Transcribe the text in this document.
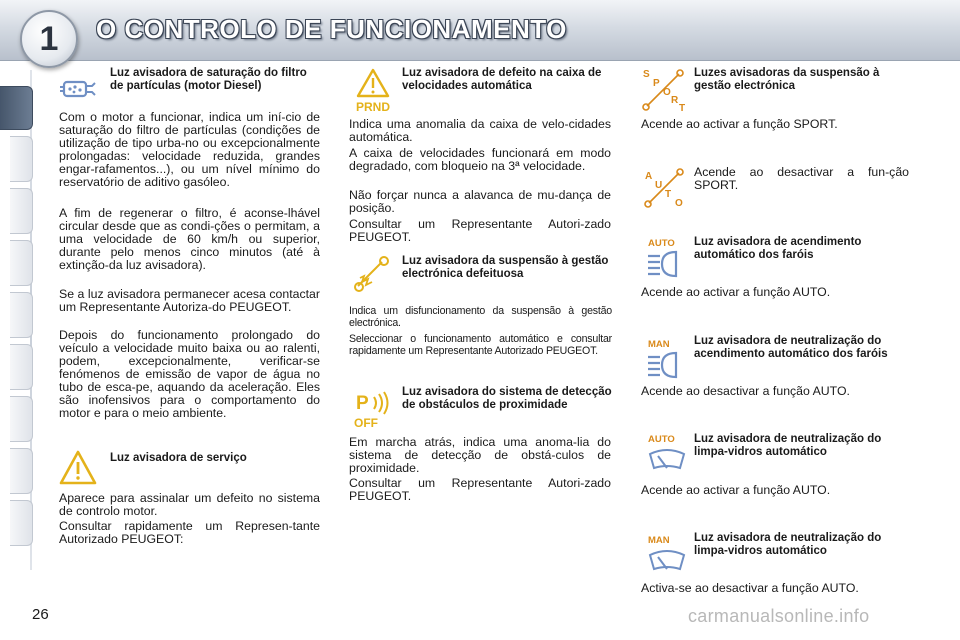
O CONTROLO DE FUNCIONAMENTO
1
Luz avisadora de saturação do filtro de partículas (motor Diesel)

Com o motor a funcionar, indica um iní-cio de saturação do filtro de partículas (condições de utilização de tipo urba-no ou excepcionalmente prolongadas: velocidade reduzida, grandes engar-rafamentos...), ou um nível mínimo do reservatório de aditivo gasóleo.

A fim de regenerar o filtro, é aconse-lhável circular desde que as condi-ções o permitam, a uma velocidade de 60 km/h ou superior, durante pelo menos cinco minutos (até à extinção-da luz avisadora).

Se a luz avisadora permanecer acesa contactar um Representante Autoriza-do PEUGEOT.

Depois do funcionamento prolongado do veículo a velocidade muito baixa ou ao ralenti, podem, excepcionalmente, verificar-se fenómenos de emissão de vapor de água no tubo de esca-pe, aquando da aceleração. Eles são inofensivos para o comportamento do motor e para o meio ambiente.

Luz avisadora de serviço

Aparece para assinalar um defeito no sistema de controlo motor.

Consultar rapidamente um Represen-tante Autorizado PEUGEOT:

PRND
Luz avisadora de defeito na caixa de velocidades automática

Indica uma anomalia da caixa de velo-cidades automática.

A caixa de velocidades funcionará em modo degradado, com bloqueio na 3ª velocidade.

Não forçar nunca a alavanca de mu-dança de posição.

Consultar um Representante Autori-zado PEUGEOT.

Luz avisadora da suspensão à gestão electrónica defeituosa

Indica um disfuncionamento da suspensão à gestão electrónica.

Seleccionar o funcionamento automático e consultar rapidamente um Representante Autorizado PEUGEOT.

P
OFF
Luz avisadora do sistema de detecção de obstáculos de proximidade

Em marcha atrás, indica uma anoma-lia do sistema de detecção de obstá-culos de proximidade.

Consultar um Representante Autori-zado PEUGEOT.

S
P
O
R
T
Luzes avisadoras da suspensão à gestão electrónica

Acende ao activar a função SPORT.

A
U
T
O

Acende ao desactivar a fun-ção SPORT.

AUTO Luz avisadora de acendimento automático dos faróis

Acende ao activar a função AUTO.

MAN Luz avisadora de neutralização do acendimento automático dos faróis

Acende ao desactivar a função AUTO.

AUTO Luz avisadora de neutralização do limpa-vidros automático

Acende ao activar a função AUTO.

MAN Luz avisadora de neutralização do limpa-vidros automático

Activa-se ao desactivar a função AUTO.

26	carmanualsonline.info
